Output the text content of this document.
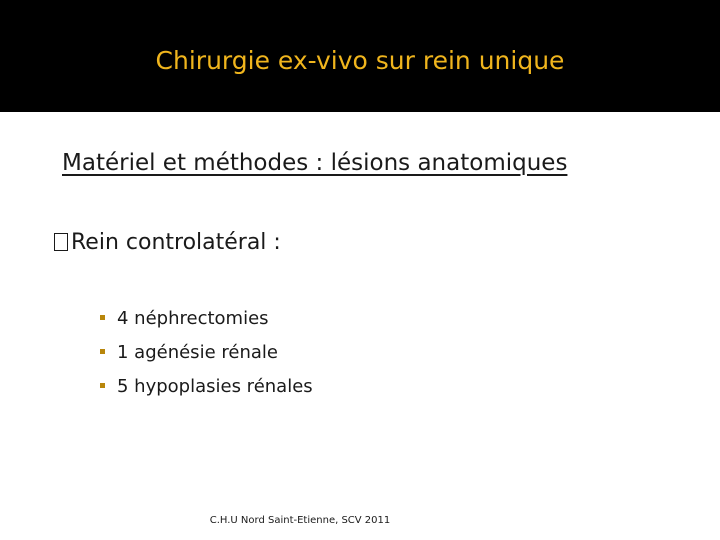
Chirurgie ex-vivo sur rein unique
Matériel et méthodes : lésions anatomiques
Rein controlatéral :
4 néphrectomies
1 agénésie rénale
5 hypoplasies rénales
C.H.U Nord Saint-Etienne, SCV 2011
